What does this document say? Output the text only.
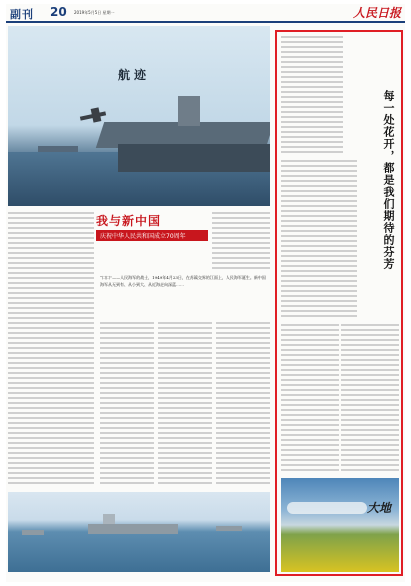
副刊 20 2019年5月5日 星期一	人民日报
航迹
我与新中国
庆祝中华人民共和国成立70周年
“口口”——人民海军的战士，1949年4月23日，在苏赣交界的江面上，人民海军诞生。新中国海军从无到有、从小到大、从近海走向深蓝……
每一处花开，都是我们期待的芬芳
大地
